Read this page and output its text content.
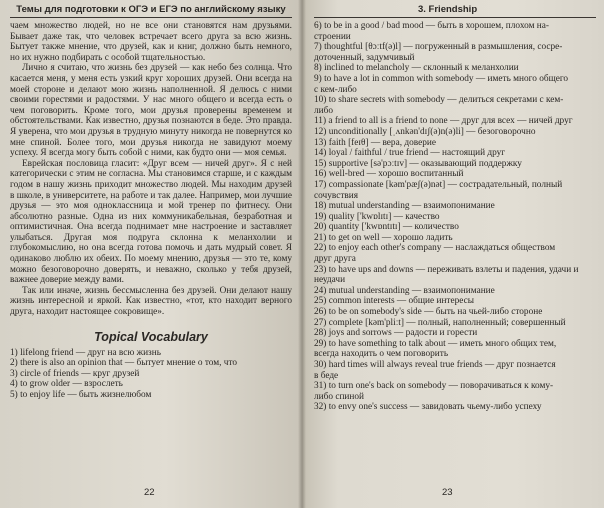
Темы для подготовки к ОГЭ и ЕГЭ по английскому языку

чаем множество людей, но не все они становятся нам друзьями. Бывает даже так, что человек встречает всего друга за всю жизнь. Бытует также мнение, что друзей, как и книг, должно быть немного, но их нужно подбирать с особой тщательностью.

Лично я считаю, что жизнь без друзей — как небо без солнца. Что касается меня, у меня есть узкий круг хороших друзей. Они всегда на моей стороне и делают мою жизнь наполненной. Я делюсь с ними своими горестями и радостями. У нас много общего и всегда есть о чем поговорить. Кроме того, мои друзья проверены временем и обстоятельствами. Как известно, друзья познаются в беде. Это правда. Я уверена, что мои друзья в трудную минуту никогда не повернутся ко мне спиной. Более того, мои друзья никогда не завидуют моему успеху. Я всегда могу быть собой с ними, как будто они — моя семья.

Еврейская пословица гласит: «Друг всем — ничей друг». Я с ней категорически с этим не согласна. Мы становимся старше, и с каждым годом в нашу жизнь приходит множество людей. Мы находим друзей в школе, в университете, на работе и так далее. Например, мои лучшие друзья — это моя одноклассница и мой тренер по фитнесу. Они абсолютно разные. Одна из них коммуникабельная, безработная и оптимистичная. Она всегда поднимает мне настроение и заставляет улыбаться. Другая моя подруга склонна к меланхолии и глубокомыслию, но она всегда готова помочь и дать мудрый совет. Я одинаково люблю их обеих. По моему мнению, друзья — это те, кому можно безоговорочно доверять, и неважно, сколько у тебя друзей, важнее доверие между вами.

Так или иначе, жизнь бессмысленна без друзей. Они делают нашу жизнь интересной и яркой. Как известно, «тот, кто находит верного друга, находит настоящее сокровище».

Topical Vocabulary
1) lifelong friend — друг на всю жизнь
2) there is also an opinion that — бытует мнение о том, что
3) circle of friends — круг друзей
4) to grow older — взрослеть
5) to enjoy life — быть жизнелюбом
22
3. Friendship
6) to be in a good / bad mood — быть в хорошем, плохом на-
строении
7) thoughtful [θɔːtf(ə)l] — погруженный в размышления, сосре-
доточенный, задумчивый
8) inclined to melancholy — склонный к меланхолии
9) to have a lot in common with somebody — иметь много общего
с кем-либо
10) to share secrets with somebody — делиться секретами с кем-
либо
11) a friend to all is a friend to none — друг для всех — ничей друг
12) unconditionally [ˌʌnkən'dɪʃ(ə)n(ə)li] — безоговорочно
13) faith [feɪθ] — вера, доверие
14) loyal / faithful / true friend — настоящий друг
15) supportive [sə'pɔːtɪv] — оказывающий поддержку
16) well-bred — хорошо воспитанный
17) compassionate [kəm'pæʃ(ə)nət] — сострадательный, полный
сочувствия
18) mutual understanding — взаимопонимание
19) quality ['kwɒlɪtɪ] — качество
20) quantity ['kwɒntɪtɪ] — количество
21) to get on well — хорошо ладить
22) to enjoy each other's company — наслаждаться обществом
друг друга
23) to have ups and downs — переживать взлеты и падения, удачи и неудачи
24) mutual understanding — взаимопонимание
25) common interests — общие интересы
26) to be on somebody's side — быть на чьей-либо стороне
27) complete [kəm'pliːt] — полный, наполненный; совершенный
28) joys and sorrows — радости и горести
29) to have something to talk about — иметь много общих тем,
всегда находить о чем поговорить
30) hard times will always reveal true friends — друг познается
в беде
31) to turn one's back on somebody — поворачиваться к кому-
либо спиной
32) to envy one's success — завидовать чьему-либо успеху
23
